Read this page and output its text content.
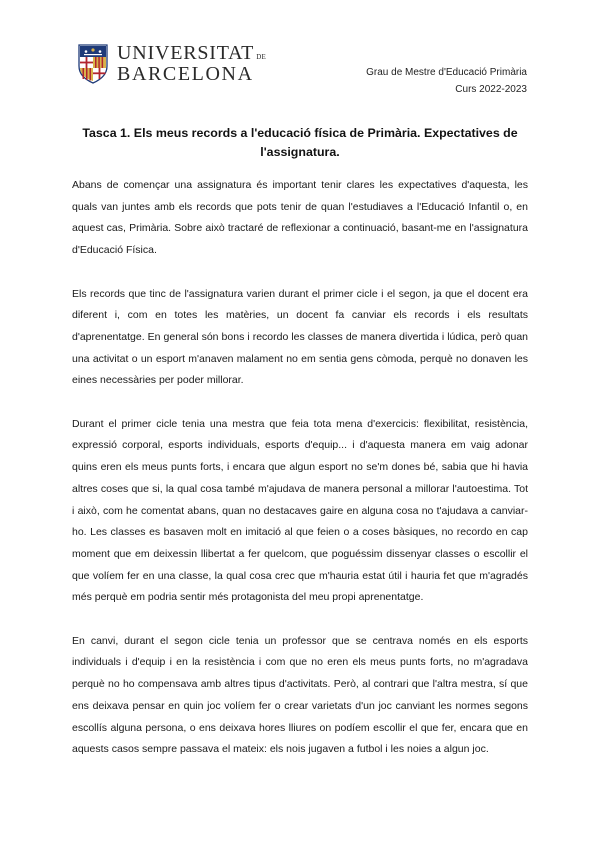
UNIVERSITAT DE
BARCELONA	Grau de Mestre d'Educació Primària
Curs 2022-2023
Tasca 1. Els meus records a l'educació física de Primària. Expectatives de l'assignatura.

Abans de començar una assignatura és important tenir clares les expectatives d'aquesta, les quals van juntes amb els records que pots tenir de quan l'estudiaves a l'Educació Infantil o, en aquest cas, Primària. Sobre això tractaré de reflexionar a continuació, basant-me en l'assignatura d'Educació Física.

Els records que tinc de l'assignatura varien durant el primer cicle i el segon, ja que el docent era diferent i, com en totes les matèries, un docent fa canviar els records i els resultats d'aprenentatge. En general són bons i recordo les classes de manera divertida i lúdica, però quan una activitat o un esport m'anaven malament no em sentia gens còmoda, perquè no donaven les eines necessàries per poder millorar.

Durant el primer cicle tenia una mestra que feia tota mena d'exercicis: flexibilitat, resistència, expressió corporal, esports individuals, esports d'equip... i d'aquesta manera em vaig adonar quins eren els meus punts forts, i encara que algun esport no se'm dones bé, sabia que hi havia altres coses que si, la qual cosa també m'ajudava de manera personal a millorar l'autoestima. Tot i això, com he comentat abans, quan no destacaves gaire en alguna cosa no t'ajudava a canviar-ho. Les classes es basaven molt en imitació al que feien o a coses bàsiques, no recordo en cap moment que em deixessin llibertat a fer quelcom, que poguéssim dissenyar classes o escollir el que volíem fer en una classe, la qual cosa crec que m'hauria estat útil i hauria fet que m'agradés més perquè em podria sentir més protagonista del meu propi aprenentatge.

En canvi, durant el segon cicle tenia un professor que se centrava només en els esports individuals i d'equip i en la resistència i com que no eren els meus punts forts, no m'agradava perquè no ho compensava amb altres tipus d'activitats. Però, al contrari que l'altra mestra, sí que ens deixava pensar en quin joc volíem fer o crear varietats d'un joc canviant les normes segons escollís alguna persona, o ens deixava hores lliures on podíem escollir el que fer, encara que en aquests casos sempre passava el mateix: els nois jugaven a futbol i les noies a algun joc.
